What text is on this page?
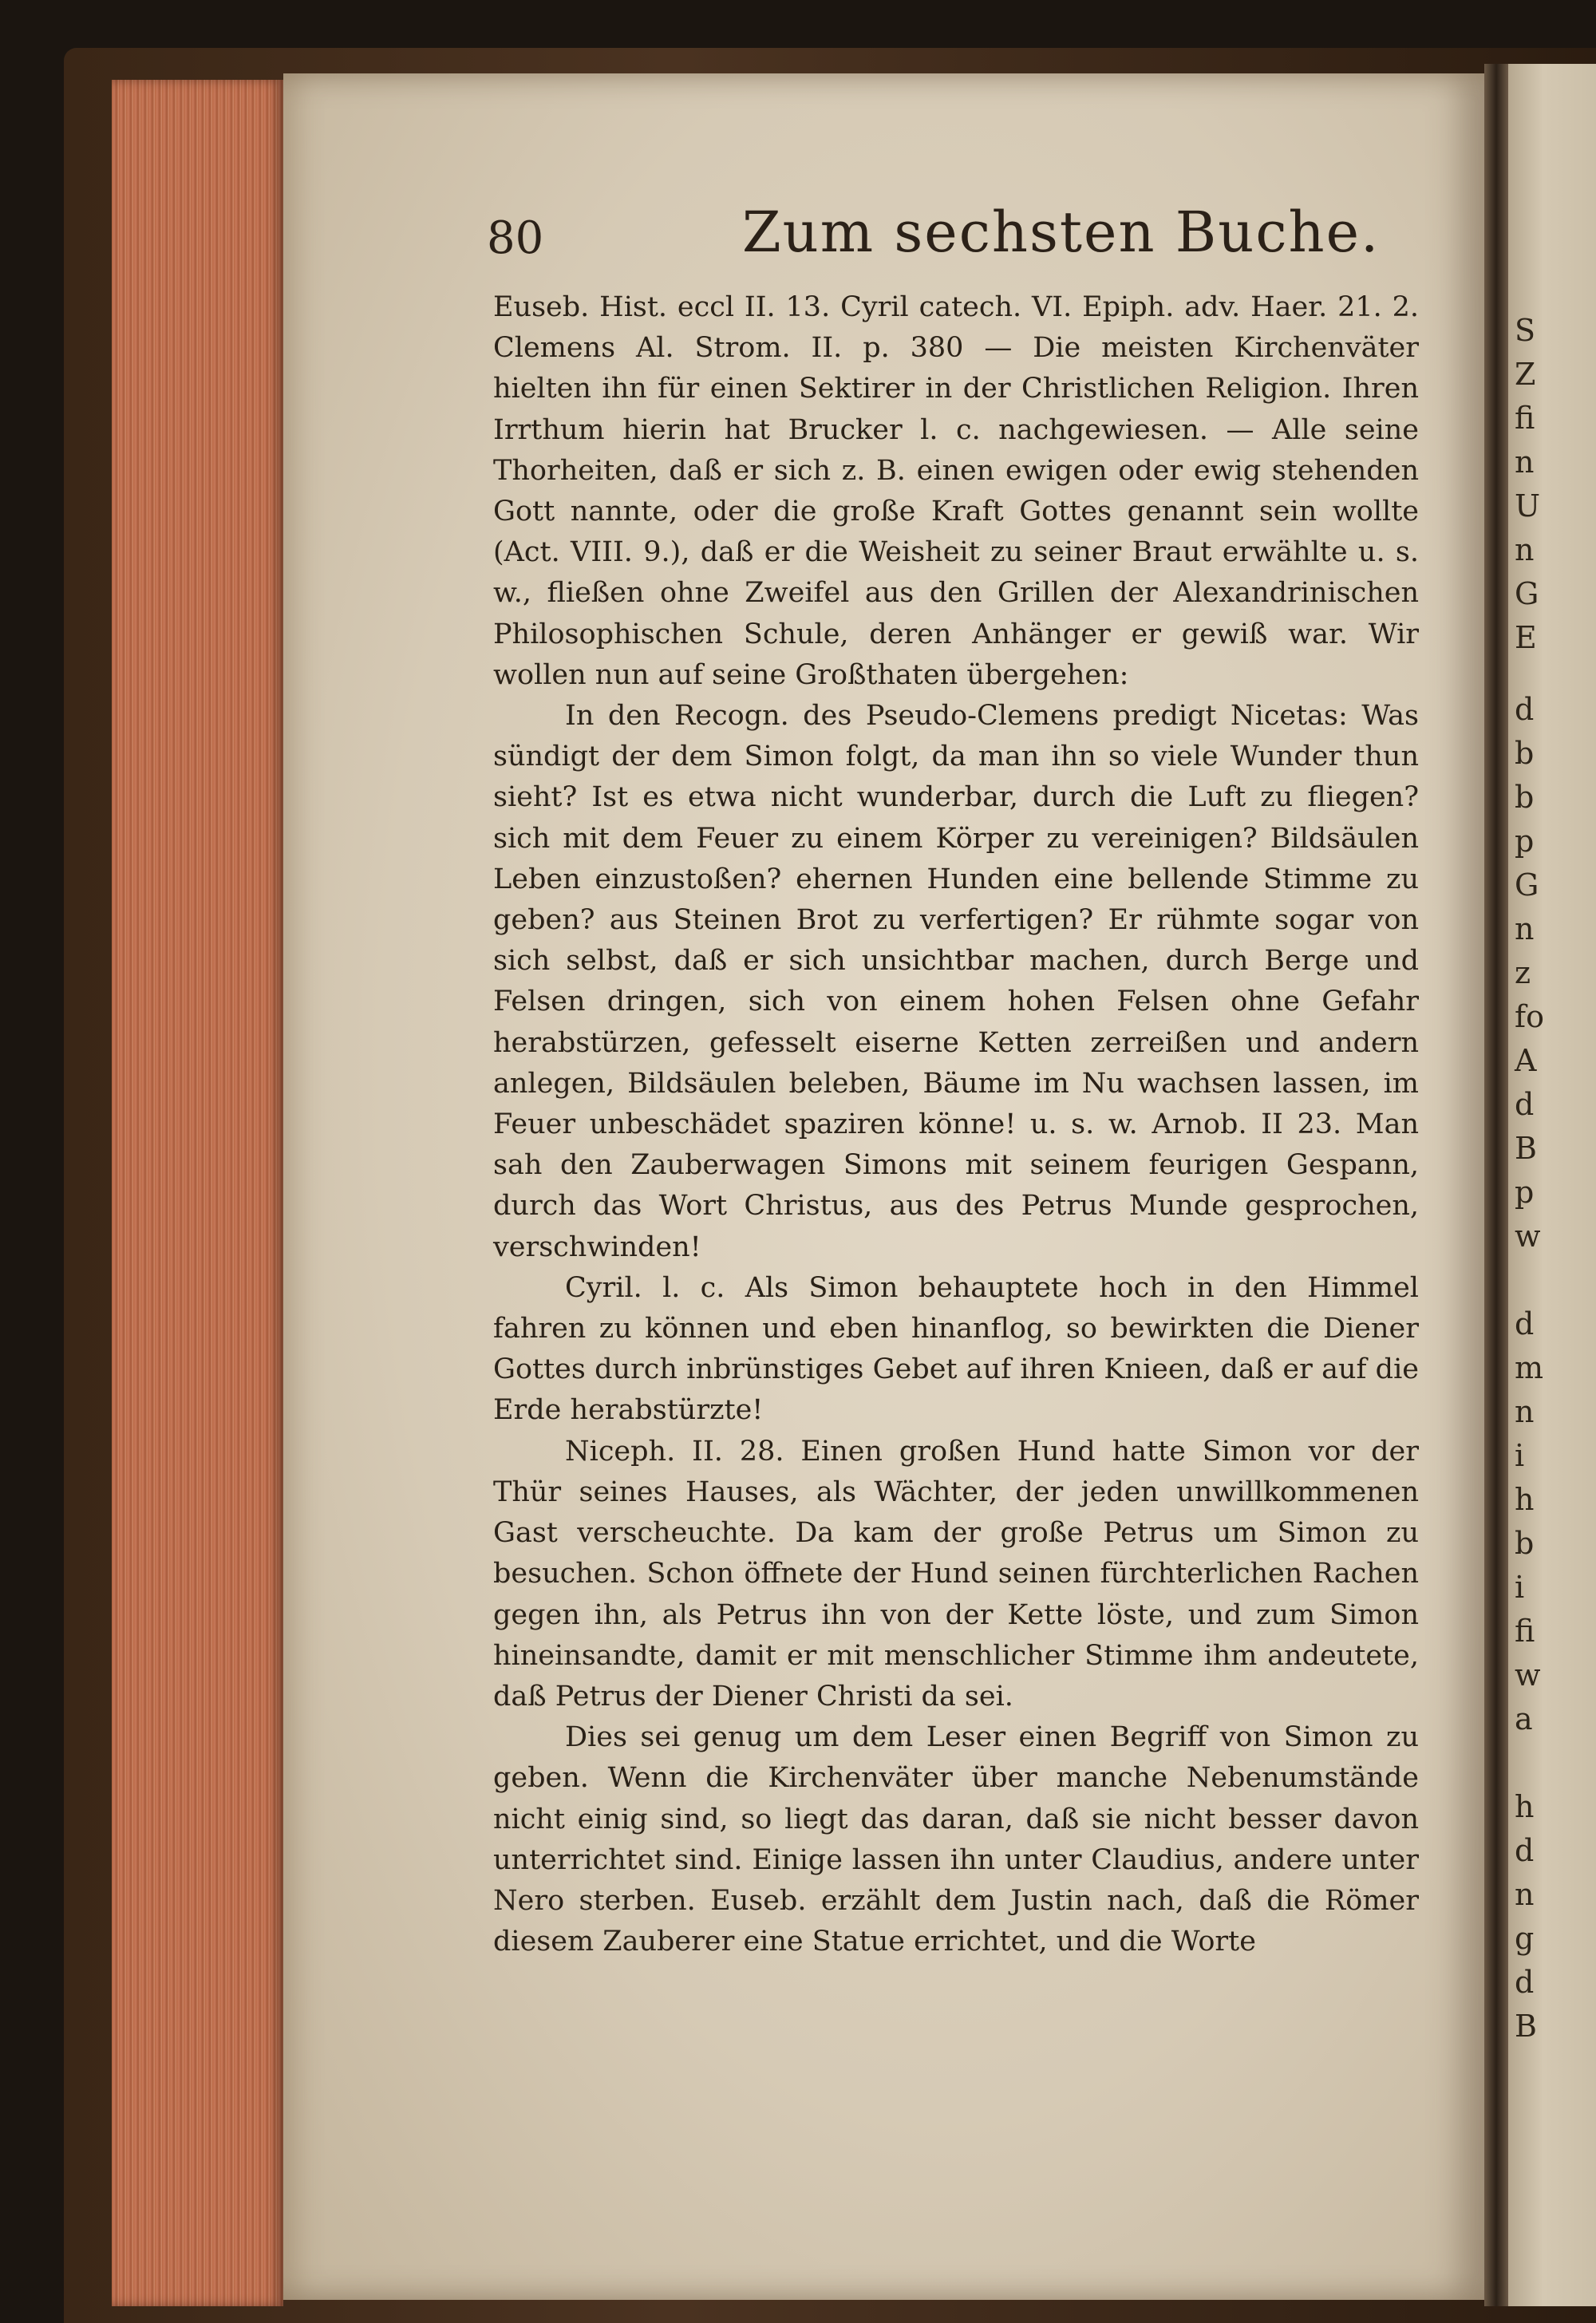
80	Zum sechsten Buche.

Euseb. Hist. eccl II. 13. Cyril catech. VI. Epiph. adv. Haer. 21. 2. Clemens Al. Strom. II. p. 380 — Die meisten Kirchenväter hielten ihn für einen Sektirer in der Christlichen Religion. Ihren Irrthum hierin hat Brucker l. c. nachgewiesen. — Alle seine Thorheiten, daß er sich z. B. einen ewigen oder ewig stehenden Gott nannte, oder die große Kraft Gottes genannt sein wollte (Act. VIII. 9.), daß er die Weisheit zu seiner Braut erwählte u. s. w., fließen ohne Zweifel aus den Grillen der Alexandrinischen Philosophischen Schule, deren Anhänger er gewiß war. Wir wollen nun auf seine Großthaten übergehen:

In den Recogn. des Pseudo-Clemens predigt Nicetas: Was sündigt der dem Simon folgt, da man ihn so viele Wunder thun sieht? Ist es etwa nicht wunderbar, durch die Luft zu fliegen? sich mit dem Feuer zu einem Körper zu vereinigen? Bildsäulen Leben einzustoßen? ehernen Hunden eine bellende Stimme zu geben? aus Steinen Brot zu verfertigen? Er rühmte sogar von sich selbst, daß er sich unsichtbar machen, durch Berge und Felsen dringen, sich von einem hohen Felsen ohne Gefahr herabstürzen, gefesselt eiserne Ketten zerreißen und andern anlegen, Bildsäulen beleben, Bäume im Nu wachsen lassen, im Feuer unbeschädet spaziren könne! u. s. w. Arnob. II 23. Man sah den Zauberwagen Simons mit seinem feurigen Gespann, durch das Wort Christus, aus des Petrus Munde gesprochen, verschwinden!

Cyril. l. c. Als Simon behauptete hoch in den Himmel fahren zu können und eben hinanflog, so bewirkten die Diener Gottes durch inbrünstiges Gebet auf ihren Knieen, daß er auf die Erde herabstürzte!

Niceph. II. 28. Einen großen Hund hatte Simon vor der Thür seines Hauses, als Wächter, der jeden unwillkommenen Gast verscheuchte. Da kam der große Petrus um Simon zu besuchen. Schon öffnete der Hund seinen fürchterlichen Rachen gegen ihn, als Petrus ihn von der Kette löste, und zum Simon hineinsandte, damit er mit menschlicher Stimme ihm andeutete, daß Petrus der Diener Christi da sei.

Dies sei genug um dem Leser einen Begriff von Simon zu geben. Wenn die Kirchenväter über manche Nebenumstände nicht einig sind, so liegt das daran, daß sie nicht besser davon unterrichtet sind. Einige lassen ihn unter Claudius, andere unter Nero sterben. Euseb. erzählt dem Justin nach, daß die Römer diesem Zauberer eine Statue errichtet, und die Worte

S
Z
fi
n
U
n
G
E
d
b
b
p
G
n
z
fo
A
d
B
p
w
d
m
n
i
h
b
i
fi
w
a
h
d
n
g
d
B
